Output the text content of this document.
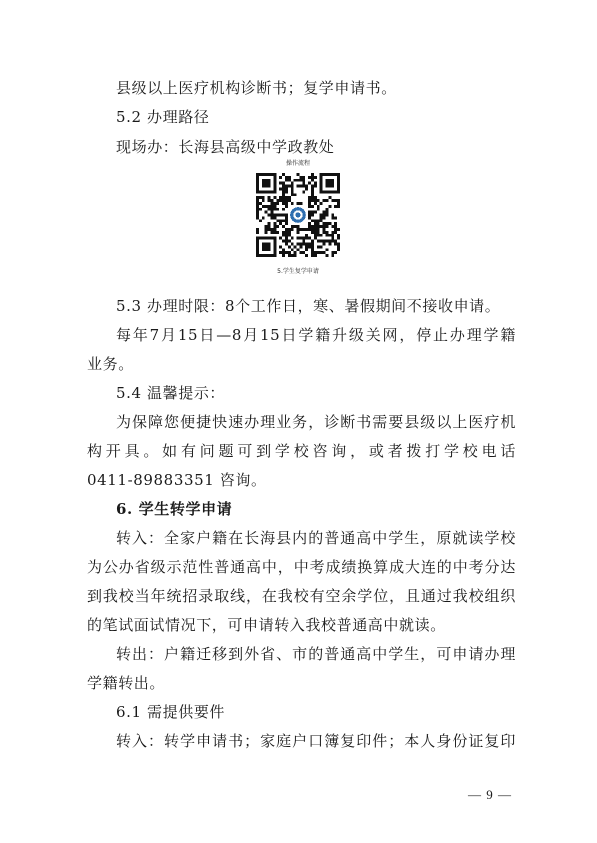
县级以上医疗机构诊断书；复学申请书。
5.2 办理路径
现场办：长海县高级中学政教处
操作流程
5.学生复学申请
5.3 办理时限：8个工作日，寒、暑假期间不接收申请。
每年7月15日—8月15日学籍升级关网，停止办理学籍
业务。
5.4 温馨提示：
为保障您便捷快速办理业务，诊断书需要县级以上医疗机
构开具。如有问题可到学校咨询，或者拨打学校电话
0411-89883351 咨询。
6. 学生转学申请
转入：全家户籍在长海县内的普通高中学生，原就读学校
为公办省级示范性普通高中，中考成绩换算成大连的中考分达
到我校当年统招录取线，在我校有空余学位，且通过我校组织
的笔试面试情况下，可申请转入我校普通高中就读。
转出：户籍迁移到外省、市的普通高中学生，可申请办理
学籍转出。
6.1 需提供要件
转入：转学申请书；家庭户口簿复印件；本人身份证复印
— 9 —
